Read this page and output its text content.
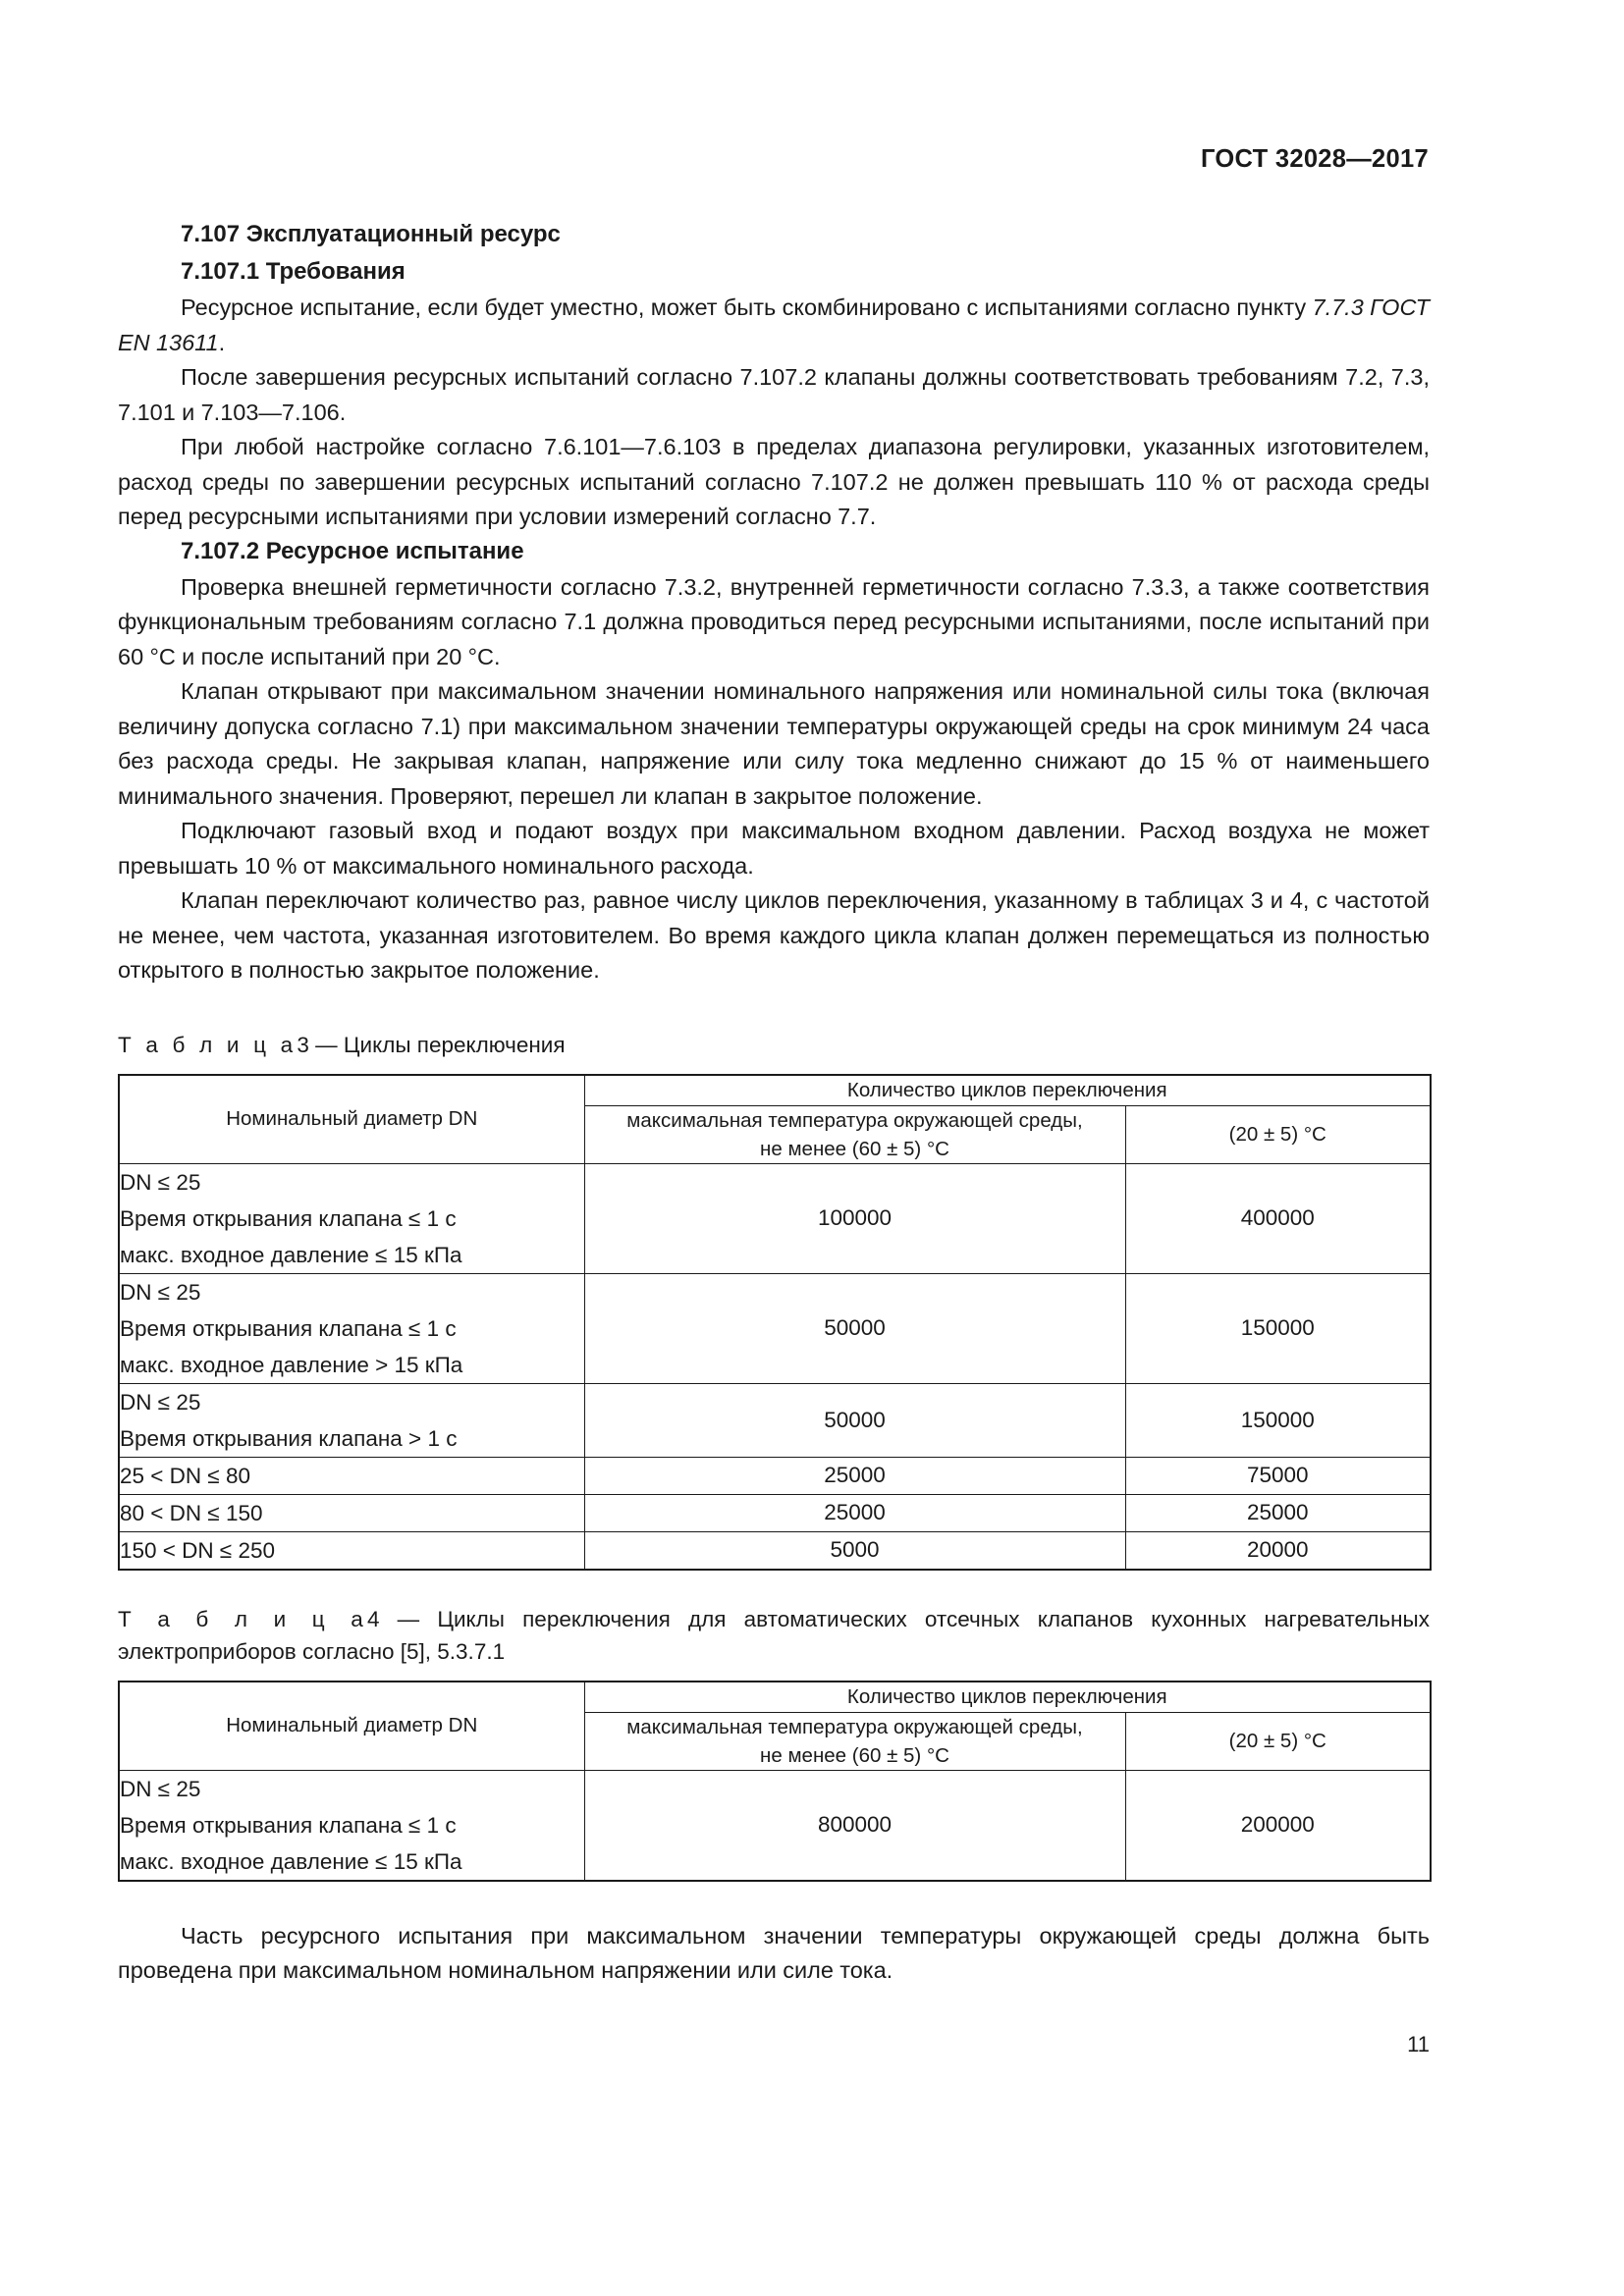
ГОСТ 32028—2017
7.107 Эксплуатационный ресурс
7.107.1 Требования

Ресурсное испытание, если будет уместно, может быть скомбинировано с испытаниями согласно пункту 7.7.3 ГОСТ EN 13611.

После завершения ресурсных испытаний согласно 7.107.2 клапаны должны соответствовать требованиям 7.2, 7.3, 7.101 и 7.103—7.106.

При любой настройке согласно 7.6.101—7.6.103 в пределах диапазона регулировки, указанных изготовителем, расход среды по завершении ресурсных испытаний согласно 7.107.2 не должен превышать 110 % от расхода среды перед ресурсными испытаниями при условии измерений согласно 7.7.

7.107.2 Ресурсное испытание

Проверка внешней герметичности согласно 7.3.2, внутренней герметичности согласно 7.3.3, а также соответствия функциональным требованиям согласно 7.1 должна проводиться перед ресурсными испытаниями, после испытаний при 60 °C и после испытаний при 20 °C.

Клапан открывают при максимальном значении номинального напряжения или номинальной силы тока (включая величину допуска согласно 7.1) при максимальном значении температуры окружающей среды на срок минимум 24 часа без расхода среды. Не закрывая клапан, напряжение или силу тока медленно снижают до 15 % от наименьшего минимального значения. Проверяют, перешел ли клапан в закрытое положение.

Подключают газовый вход и подают воздух при максимальном входном давлении. Расход воздуха не может превышать 10 % от максимального номинального расхода.

Клапан переключают количество раз, равное числу циклов переключения, указанному в таблицах 3 и 4, с частотой не менее, чем частота, указанная изготовителем. Во время каждого цикла клапан должен перемещаться из полностью открытого в полностью закрытое положение.

Т а б л и ц а3 — Циклы переключения

Номинальный диаметр DN	Количество циклов переключения	
	максимальная температура окружающей среды,
не менее (60 ± 5) °C	(20 ± 5) °C

DN ≤ 25
Время открывания клапана ≤ 1 с
макс. входное давление ≤ 15 кПа	100000	400000

DN ≤ 25
Время открывания клапана ≤ 1 с
макс. входное давление > 15 кПа	50000	150000

DN ≤ 25
Время открывания клапана > 1 с	50000	150000

25 < DN ≤ 80	25000	75000

80 < DN ≤ 150	25000	25000

150 < DN ≤ 250	5000	20000

Т а б л и ц а4 — Циклы переключения для автоматических отсечных клапанов кухонных нагревательных электроприборов согласно [5], 5.3.7.1

Номинальный диаметр DN	Количество циклов переключения	
	максимальная температура окружающей среды,
не менее (60 ± 5) °C	(20 ± 5) °C

DN ≤ 25
Время открывания клапана ≤ 1 с
макс. входное давление ≤ 15 кПа	800000	200000

Часть ресурсного испытания при максимальном значении температуры окружающей среды должна быть проведена при максимальном номинальном напряжении или силе тока.

11
